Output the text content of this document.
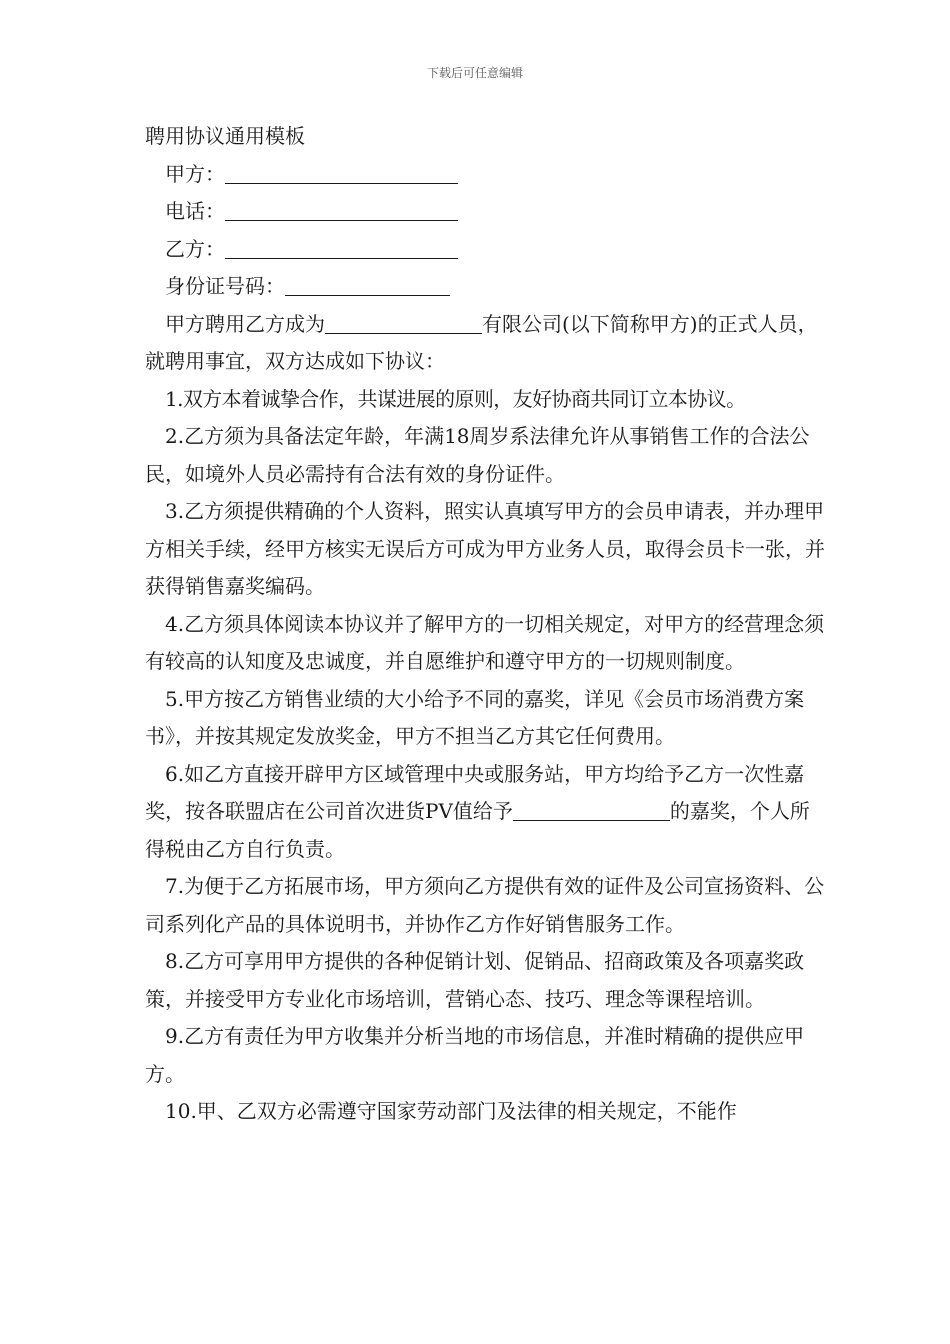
下载后可任意编辑
聘用协议通用模板
甲方：
电话：
乙方：
身份证号码：
甲方聘用乙方成为	有限公司(以下简称甲方)的正式人员，就聘用事宜，双方达成如下协议：
1.双方本着诚挚合作，共谋进展的原则，友好协商共同订立本协议。
2.乙方须为具备法定年龄，年满18周岁系法律允许从事销售工作的合法公民，如境外人员必需持有合法有效的身份证件。
3.乙方须提供精确的个人资料，照实认真填写甲方的会员申请表，并办理甲方相关手续，经甲方核实无误后方可成为甲方业务人员，取得会员卡一张，并获得销售嘉奖编码。
4.乙方须具体阅读本协议并了解甲方的一切相关规定，对甲方的经营理念须有较高的认知度及忠诚度，并自愿维护和遵守甲方的一切规则制度。
5.甲方按乙方销售业绩的大小给予不同的嘉奖，详见《会员市场消费方案书》，并按其规定发放奖金，甲方不担当乙方其它任何费用。
6.如乙方直接开辟甲方区域管理中央或服务站，甲方均给予乙方一次性嘉奖，按各联盟店在公司首次进货PV值给予	的嘉奖，个人所得税由乙方自行负责。
7.为便于乙方拓展市场，甲方须向乙方提供有效的证件及公司宣扬资料、公司系列化产品的具体说明书，并协作乙方作好销售服务工作。
8.乙方可享用甲方提供的各种促销计划、促销品、招商政策及各项嘉奖政策，并接受甲方专业化市场培训，营销心态、技巧、理念等课程培训。
9.乙方有责任为甲方收集并分析当地的市场信息，并准时精确的提供应甲方。
10.甲、乙双方必需遵守国家劳动部门及法律的相关规定，不能作
